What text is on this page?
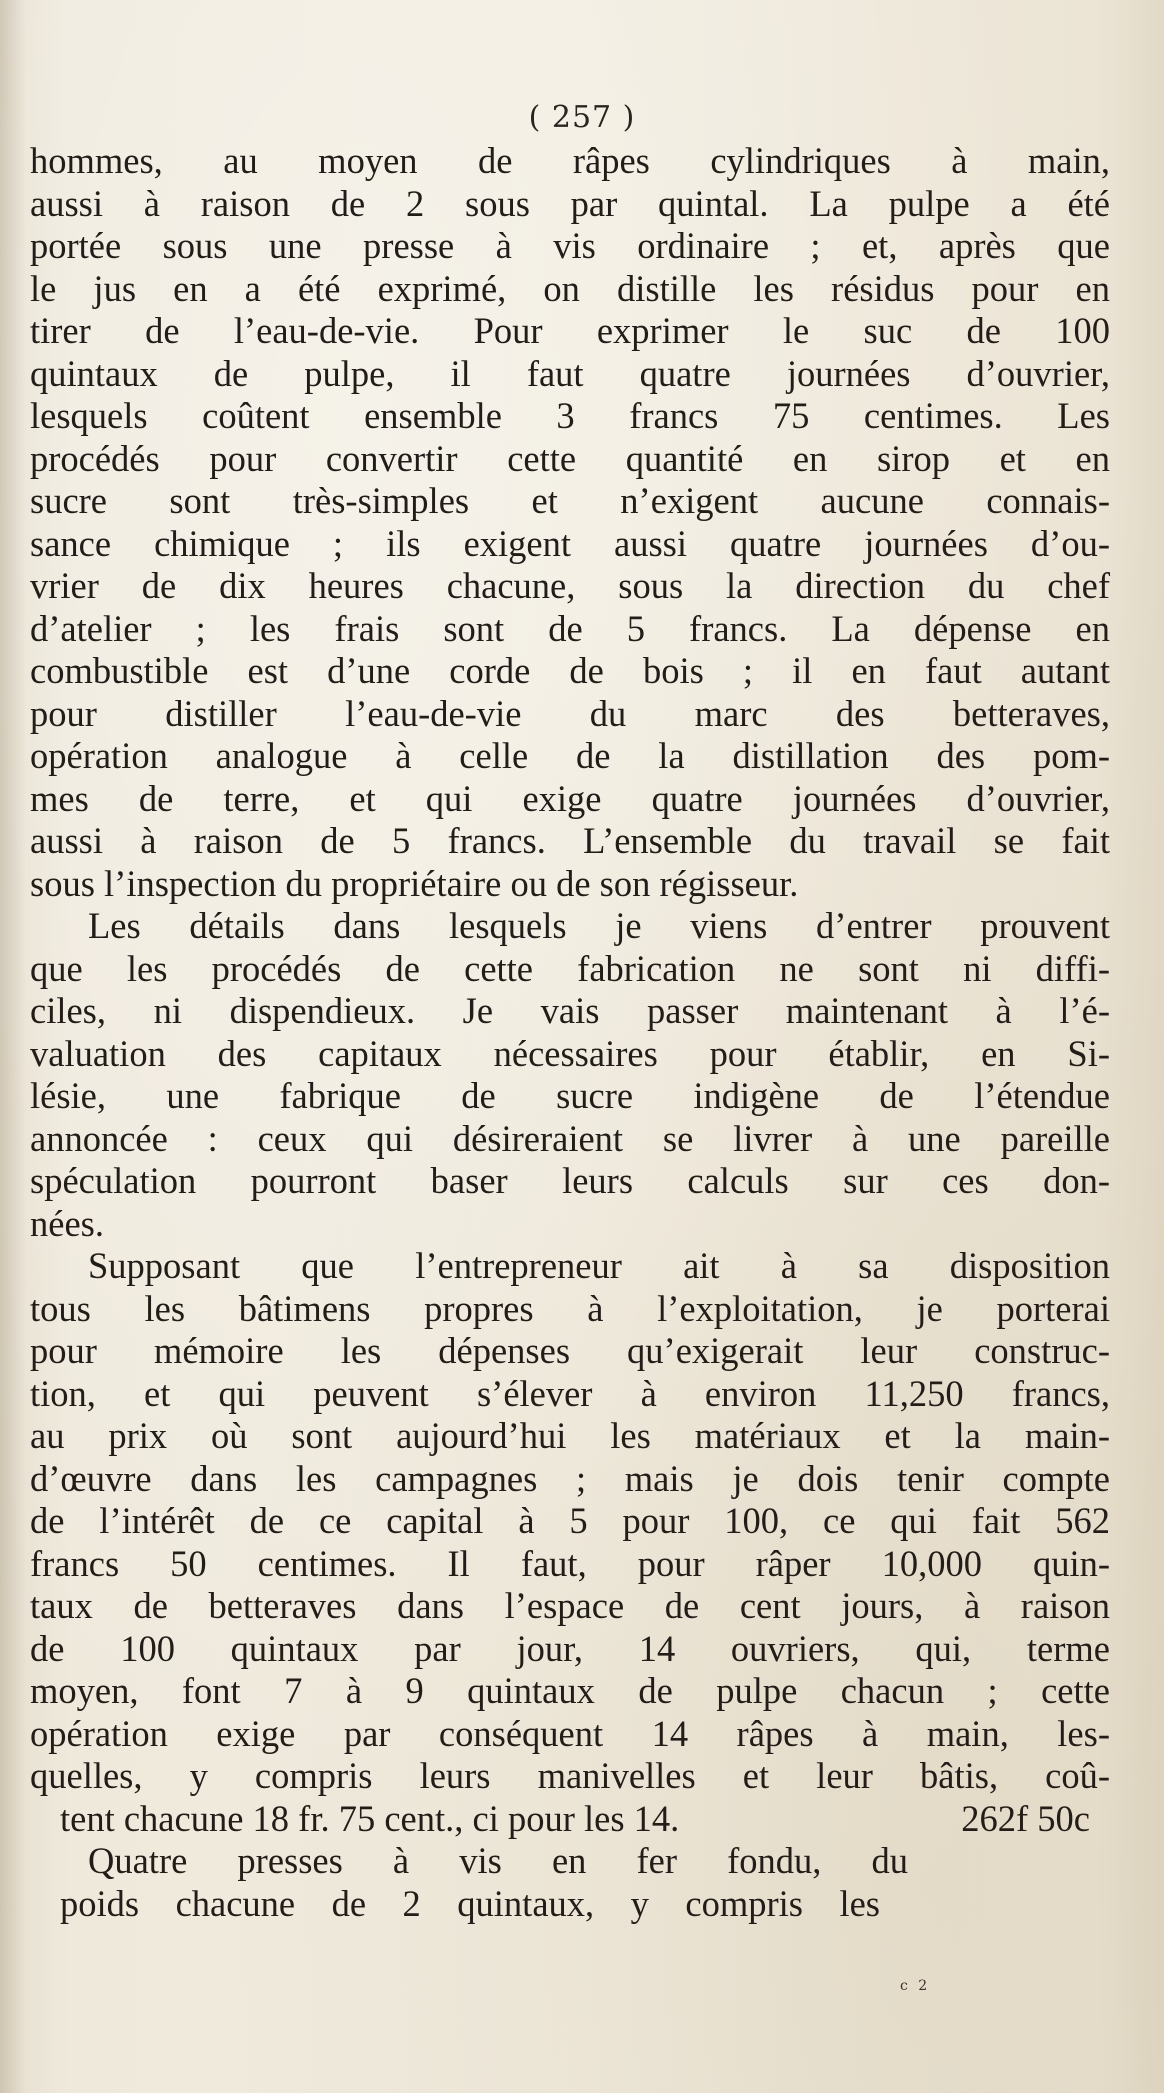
( 257 )
hommes, au moyen de râpes cylindriques à main,
aussi à raison de 2 sous par quintal. La pulpe a été
portée sous une presse à vis ordinaire ; et, après que
le jus en a été exprimé, on distille les résidus pour en
tirer de l’eau-de-vie. Pour exprimer le suc de 100
quintaux de pulpe, il faut quatre journées d’ouvrier,
lesquels coûtent ensemble 3 francs 75 centimes. Les
procédés pour convertir cette quantité en sirop et en
sucre sont très-simples et n’exigent aucune connais-
sance chimique ; ils exigent aussi quatre journées d’ou-
vrier de dix heures chacune, sous la direction du chef
d’atelier ; les frais sont de 5 francs. La dépense en
combustible est d’une corde de bois ; il en faut autant
pour distiller l’eau-de-vie du marc des betteraves,
opération analogue à celle de la distillation des pom-
mes de terre, et qui exige quatre journées d’ouvrier,
aussi à raison de 5 francs. L’ensemble du travail se fait
sous l’inspection du propriétaire ou de son régisseur.
Les détails dans lesquels je viens d’entrer prouvent
que les procédés de cette fabrication ne sont ni diffi-
ciles, ni dispendieux. Je vais passer maintenant à l’é-
valuation des capitaux nécessaires pour établir, en Si-
lésie, une fabrique de sucre indigène de l’étendue
annoncée : ceux qui désireraient se livrer à une pareille
spéculation pourront baser leurs calculs sur ces don-
nées.
Supposant que l’entrepreneur ait à sa disposition
tous les bâtimens propres à l’exploitation, je porterai
pour mémoire les dépenses qu’exigerait leur construc-
tion, et qui peuvent s’élever à environ 11,250 francs,
au prix où sont aujourd’hui les matériaux et la main-
d’œuvre dans les campagnes ; mais je dois tenir compte
de l’intérêt de ce capital à 5 pour 100, ce qui fait 562
francs 50 centimes. Il faut, pour râper 10,000 quin-
taux de betteraves dans l’espace de cent jours, à raison
de 100 quintaux par jour, 14 ouvriers, qui, terme
moyen, font 7 à 9 quintaux de pulpe chacun ; cette
opération exige par conséquent 14 râpes à main, les-
quelles, y compris leurs manivelles et leur bâtis, coû-
tent chacune 18 fr. 75 cent., ci pour les 14.	262f 50c
Quatre presses à vis en fer fondu, du
poids chacune de 2 quintaux, y compris les
c 2
